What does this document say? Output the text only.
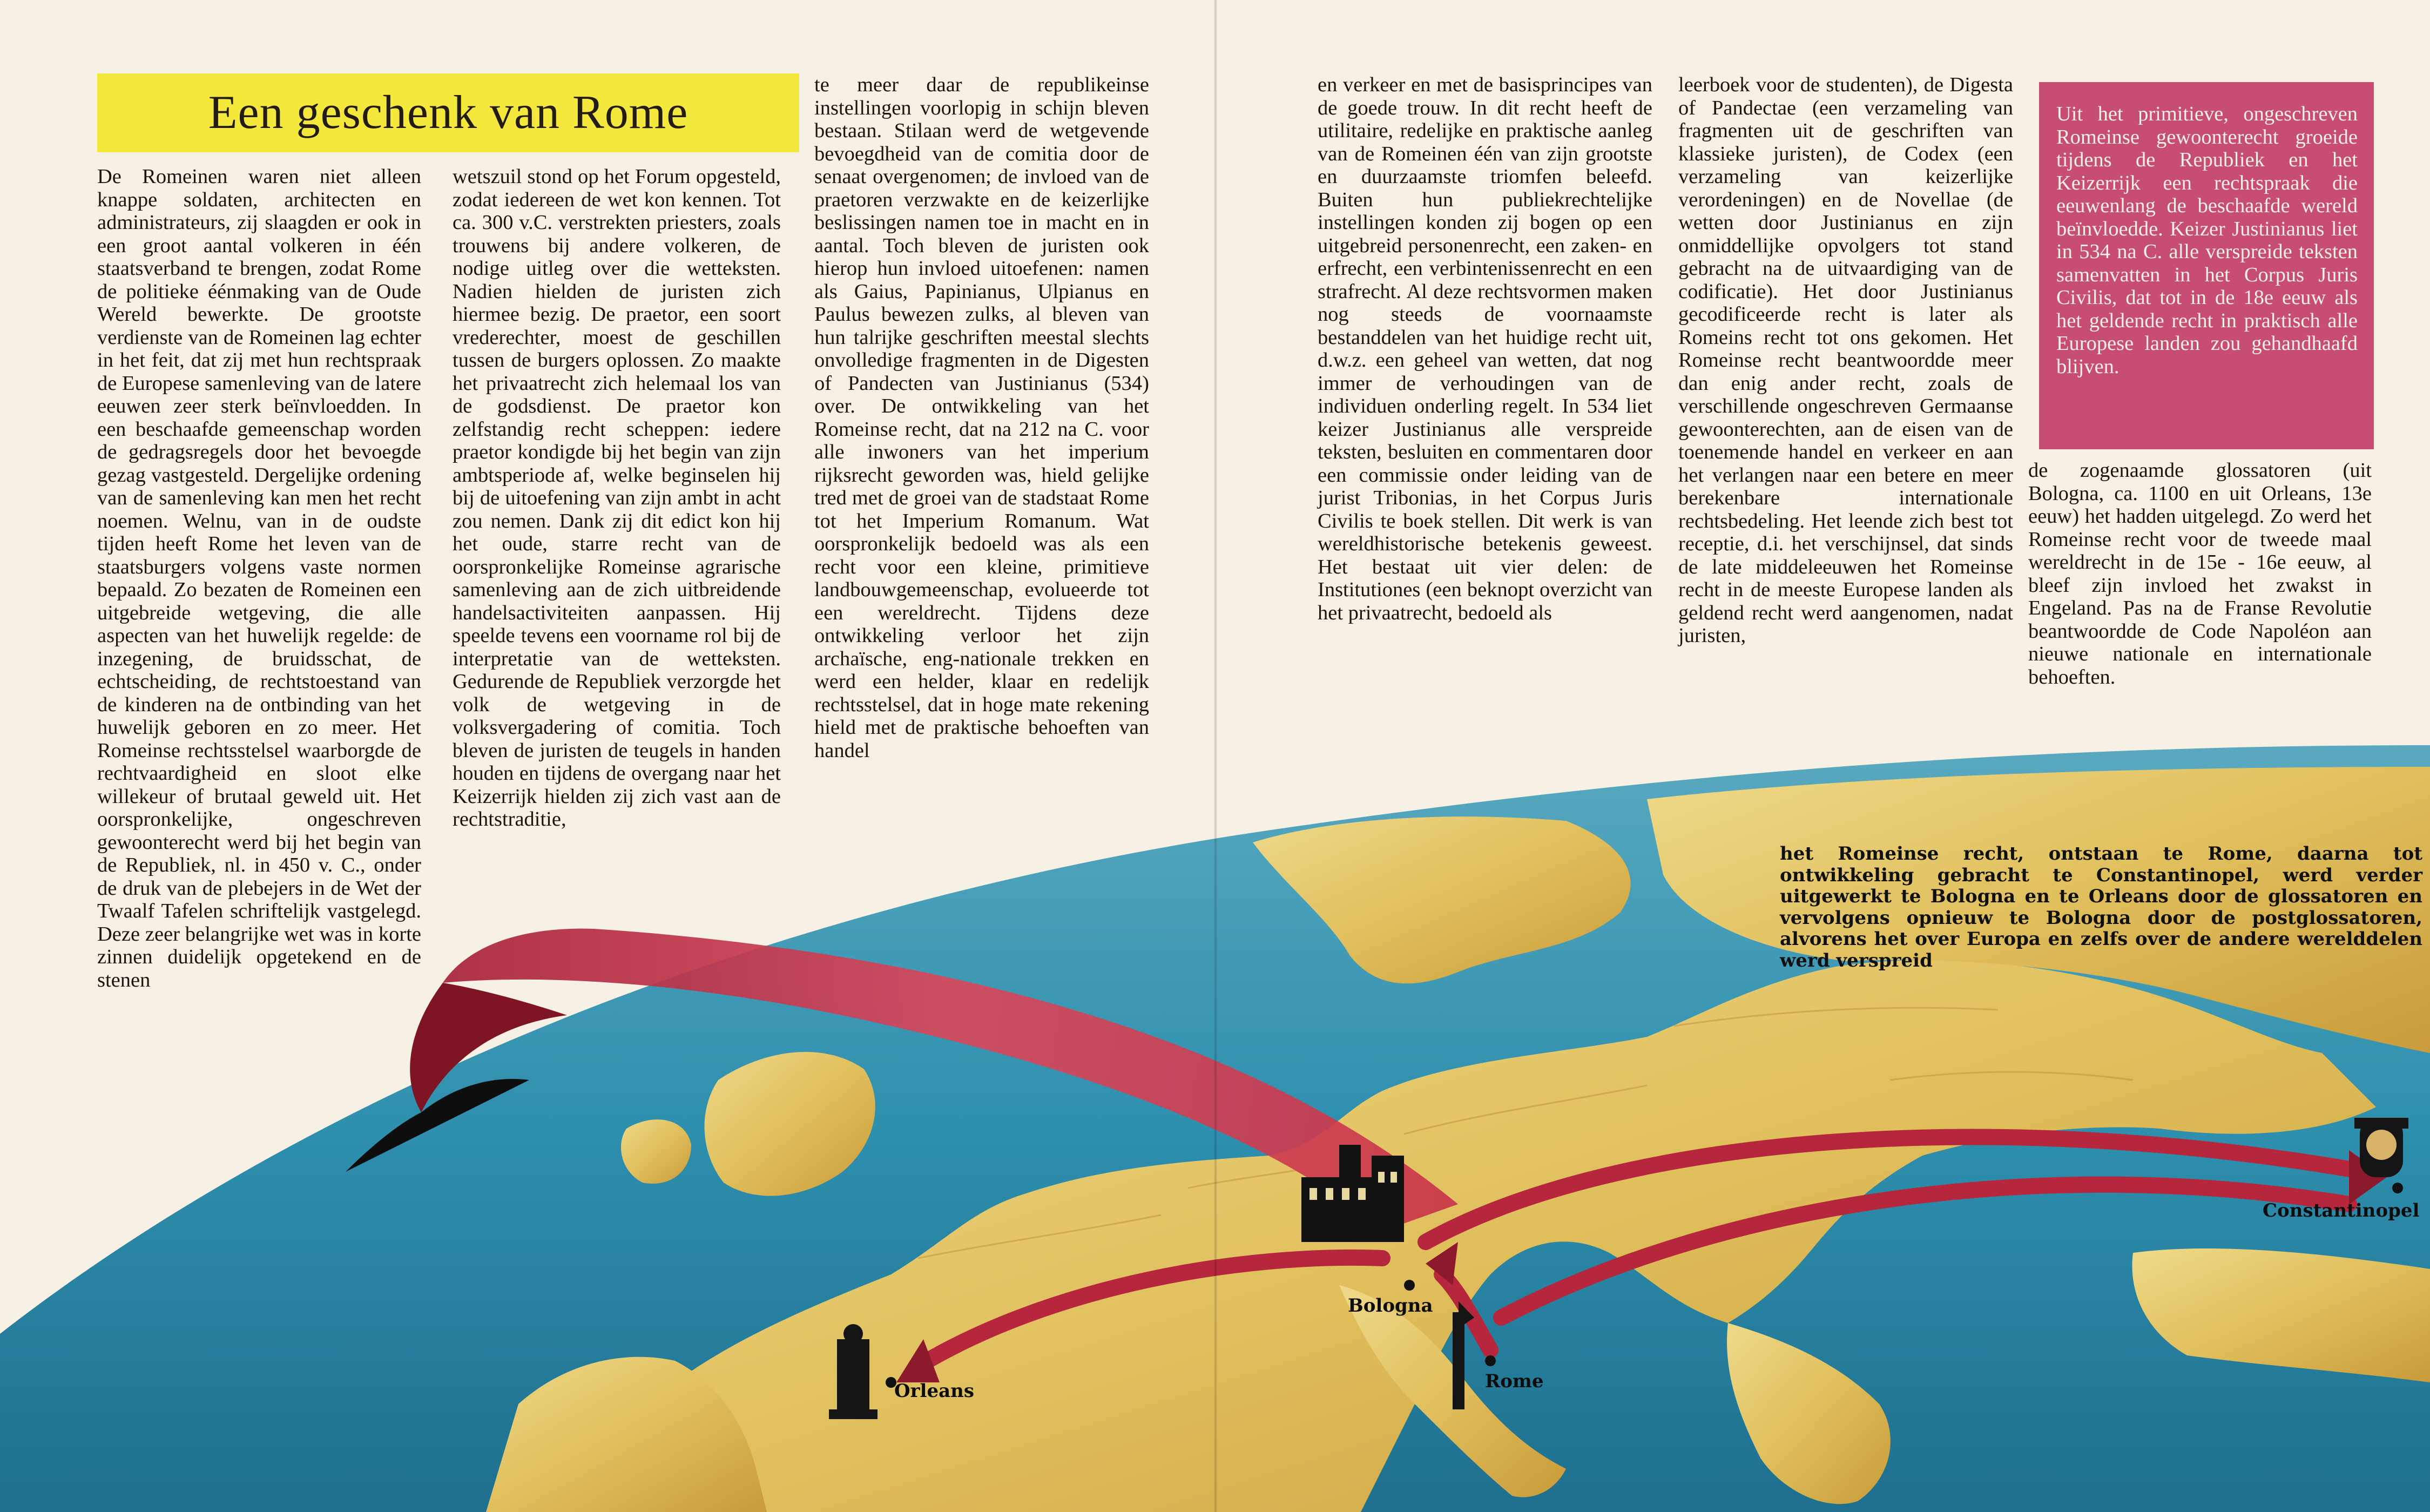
Een geschenk van Rome

De Romeinen waren niet alleen knappe soldaten, architecten en administrateurs, zij slaagden er ook in een groot aantal volkeren in één staatsverband te brengen, zodat Rome de politieke éénmaking van de Oude Wereld bewerkte. De grootste verdienste van de Romeinen lag echter in het feit, dat zij met hun rechtspraak de Europese samenleving van de latere eeuwen zeer sterk beïnvloedden. In een beschaafde gemeenschap worden de gedragsregels door het bevoegde gezag vastgesteld. Dergelijke ordening van de samenleving kan men het recht noemen. Welnu, van in de oudste tijden heeft Rome het leven van de staatsburgers volgens vaste normen bepaald. Zo bezaten de Romeinen een uitgebreide wetgeving, die alle aspecten van het huwelijk regelde: de inzegening, de bruidsschat, de echtscheiding, de rechtstoestand van de kinderen na de ontbinding van het huwelijk geboren en zo meer. Het Romeinse rechtsstelsel waarborgde de rechtvaardigheid en sloot elke willekeur of brutaal geweld uit. Het oorspronkelijke, ongeschreven gewoonterecht werd bij het begin van de Republiek, nl. in 450 v. C., onder de druk van de plebejers in de Wet der Twaalf Tafelen schriftelijk vastgelegd. Deze zeer belangrijke wet was in korte zinnen duidelijk opgetekend en de stenen

wetszuil stond op het Forum opgesteld, zodat iedereen de wet kon kennen. Tot ca. 300 v.C. verstrekten priesters, zoals trouwens bij andere volkeren, de nodige uitleg over die wetteksten. Nadien hielden de juristen zich hiermee bezig. De praetor, een soort vrederechter, moest de geschillen tussen de burgers oplossen. Zo maakte het privaatrecht zich helemaal los van de godsdienst. De praetor kon zelfstandig recht scheppen: iedere praetor kondigde bij het begin van zijn ambtsperiode af, welke beginselen hij bij de uitoefening van zijn ambt in acht zou nemen. Dank zij dit edict kon hij het oude, starre recht van de oorspronkelijke Romeinse agrarische samenleving aan de zich uitbreidende handelsactiviteiten aanpassen. Hij speelde tevens een voorname rol bij de interpretatie van de wetteksten. Gedurende de Republiek verzorgde het volk de wetgeving in de volksvergadering of comitia. Toch bleven de juristen de teugels in handen houden en tijdens de overgang naar het Keizerrijk hielden zij zich vast aan de rechtstraditie,

te meer daar de republikeinse instellingen voorlopig in schijn bleven bestaan. Stilaan werd de wetgevende bevoegdheid van de comitia door de senaat overgenomen; de invloed van de praetoren verzwakte en de keizerlijke beslissingen namen toe in macht en in aantal. Toch bleven de juristen ook hierop hun invloed uitoefenen: namen als Gaius, Papinianus, Ulpianus en Paulus bewezen zulks, al bleven van hun talrijke geschriften meestal slechts onvolledige fragmenten in de Digesten of Pandecten van Justinianus (534) over. De ontwikkeling van het Romeinse recht, dat na 212 na C. voor alle inwoners van het imperium rijksrecht geworden was, hield gelijke tred met de groei van de stadstaat Rome tot het Imperium Romanum. Wat oorspronkelijk bedoeld was als een recht voor een kleine, primitieve landbouwgemeenschap, evolueerde tot een wereldrecht. Tijdens deze ontwikkeling verloor het zijn archaïsche, eng-nationale trekken en werd een helder, klaar en redelijk rechtsstelsel, dat in hoge mate rekening hield met de praktische behoeften van handel

en verkeer en met de basisprincipes van de goede trouw. In dit recht heeft de utilitaire, redelijke en praktische aanleg van de Romeinen één van zijn grootste en duurzaamste triomfen beleefd. Buiten hun publiekrechtelijke instellingen konden zij bogen op een uitgebreid personenrecht, een zaken- en erfrecht, een verbintenissenrecht en een strafrecht. Al deze rechtsvormen maken nog steeds de voornaamste bestanddelen van het huidige recht uit, d.w.z. een geheel van wetten, dat nog immer de verhoudingen van de individuen onderling regelt. In 534 liet keizer Justinianus alle verspreide teksten, besluiten en commentaren door een commissie onder leiding van de jurist Tribonias, in het Corpus Juris Civilis te boek stellen. Dit werk is van wereldhistorische betekenis geweest. Het bestaat uit vier delen: de Institutiones (een beknopt overzicht van het privaatrecht, bedoeld als

leerboek voor de studenten), de Digesta of Pandectae (een verzameling van fragmenten uit de geschriften van klassieke juristen), de Codex (een verzameling van keizerlijke verordeningen) en de Novellae (de wetten door Justinianus en zijn onmiddellijke opvolgers tot stand gebracht na de uitvaardiging van de codificatie). Het door Justinianus gecodificeerde recht is later als Romeins recht tot ons gekomen. Het Romeinse recht beantwoordde meer dan enig ander recht, zoals de verschillende ongeschreven Germaanse gewoonterechten, aan de eisen van de toenemende handel en verkeer en aan het verlangen naar een betere en meer berekenbare internationale rechtsbedeling. Het leende zich best tot receptie, d.i. het verschijnsel, dat sinds de late middeleeuwen het Romeinse recht in de meeste Europese landen als geldend recht werd aangenomen, nadat juristen,

Uit het primitieve, ongeschreven Romeinse gewoonterecht groeide tijdens de Republiek en het Keizerrijk een rechtspraak die eeuwenlang de beschaafde wereld beïnvloedde. Keizer Justinianus liet in 534 na C. alle verspreide teksten samenvatten in het Corpus Juris Civilis, dat tot in de 18e eeuw als het geldende recht in praktisch alle Europese landen zou gehandhaafd blijven.

de zogenaamde glossatoren (uit Bologna, ca. 1100 en uit Orleans, 13e eeuw) het hadden uitgelegd. Zo werd het Romeinse recht voor de tweede maal wereldrecht in de 15e - 16e eeuw, al bleef zijn invloed het zwakst in Engeland. Pas na de Franse Revolutie beantwoordde de Code Napoléon aan nieuwe nationale en internationale behoeften.

het Romeinse recht, ontstaan te Rome, daarna tot ontwikkeling gebracht te Constantinopel, werd verder uitgewerkt te Bologna en te Orleans door de glossatoren en vervolgens opnieuw te Bologna door de postglossatoren, alvorens het over Europa en zelfs over de andere werelddelen werd verspreid

Orleans
Bologna
Rome
Constantinopel
